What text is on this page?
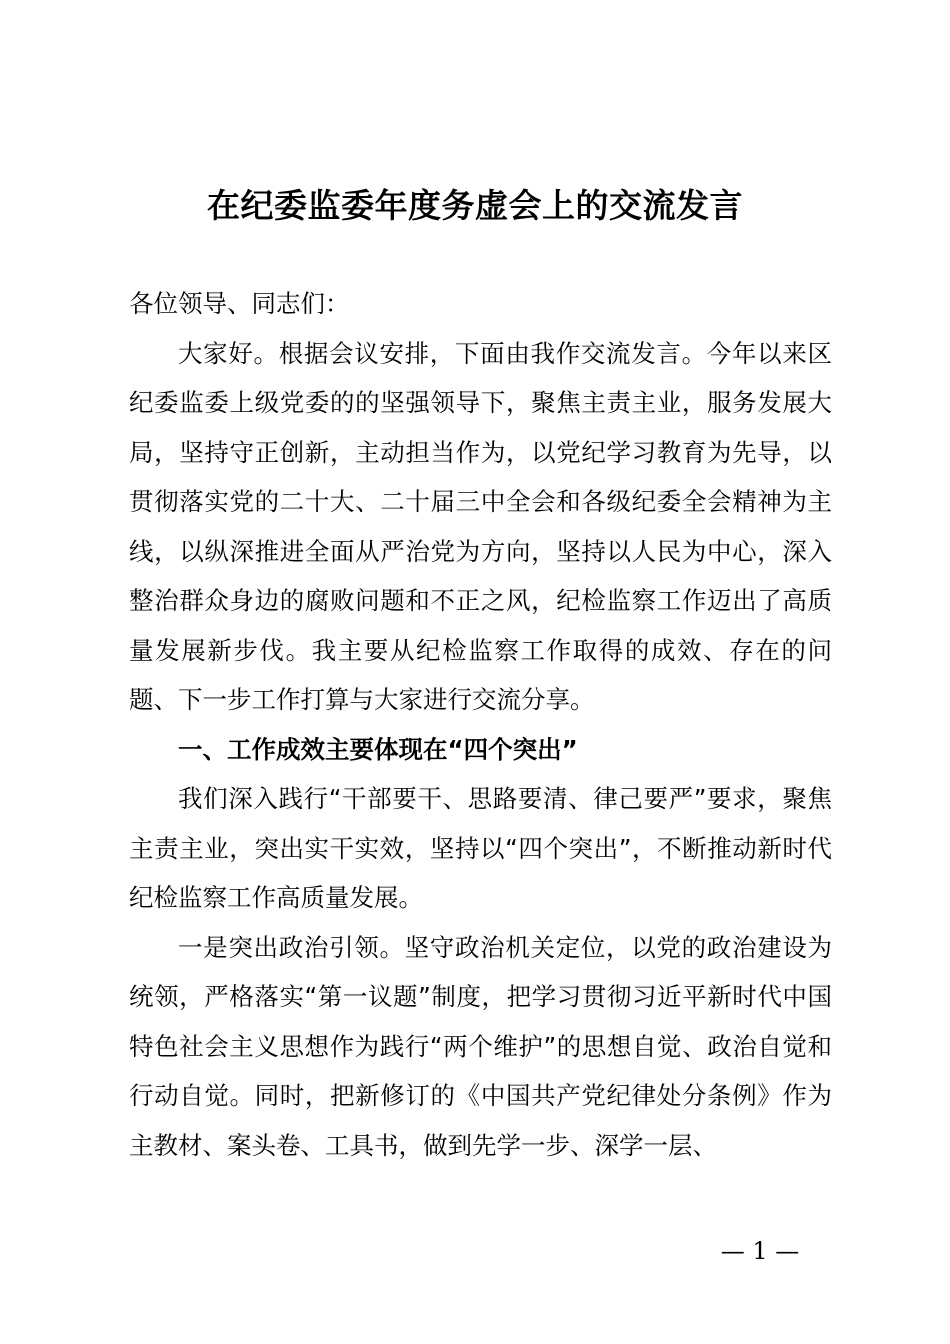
在纪委监委年度务虚会上的交流发言

各位领导、同志们：

大家好。根据会议安排，下面由我作交流发言。今年以来区纪委监委上级党委的的坚强领导下，聚焦主责主业，服务发展大局，坚持守正创新，主动担当作为，以党纪学习教育为先导，以贯彻落实党的二十大、二十届三中全会和各级纪委全会精神为主线，以纵深推进全面从严治党为方向，坚持以人民为中心，深入整治群众身边的腐败问题和不正之风，纪检监察工作迈出了高质量发展新步伐。我主要从纪检监察工作取得的成效、存在的问题、下一步工作打算与大家进行交流分享。

一、工作成效主要体现在“四个突出”

我们深入践行“干部要干、思路要清、律己要严”要求，聚焦主责主业，突出实干实效，坚持以“四个突出”，不断推动新时代纪检监察工作高质量发展。

一是突出政治引领。坚守政治机关定位，以党的政治建设为统领，严格落实“第一议题”制度，把学习贯彻习近平新时代中国特色社会主义思想作为践行“两个维护”的思想自觉、政治自觉和行动自觉。同时，把新修订的《中国共产党纪律处分条例》作为主教材、案头卷、工具书，做到先学一步、深学一层、

— 1 —
